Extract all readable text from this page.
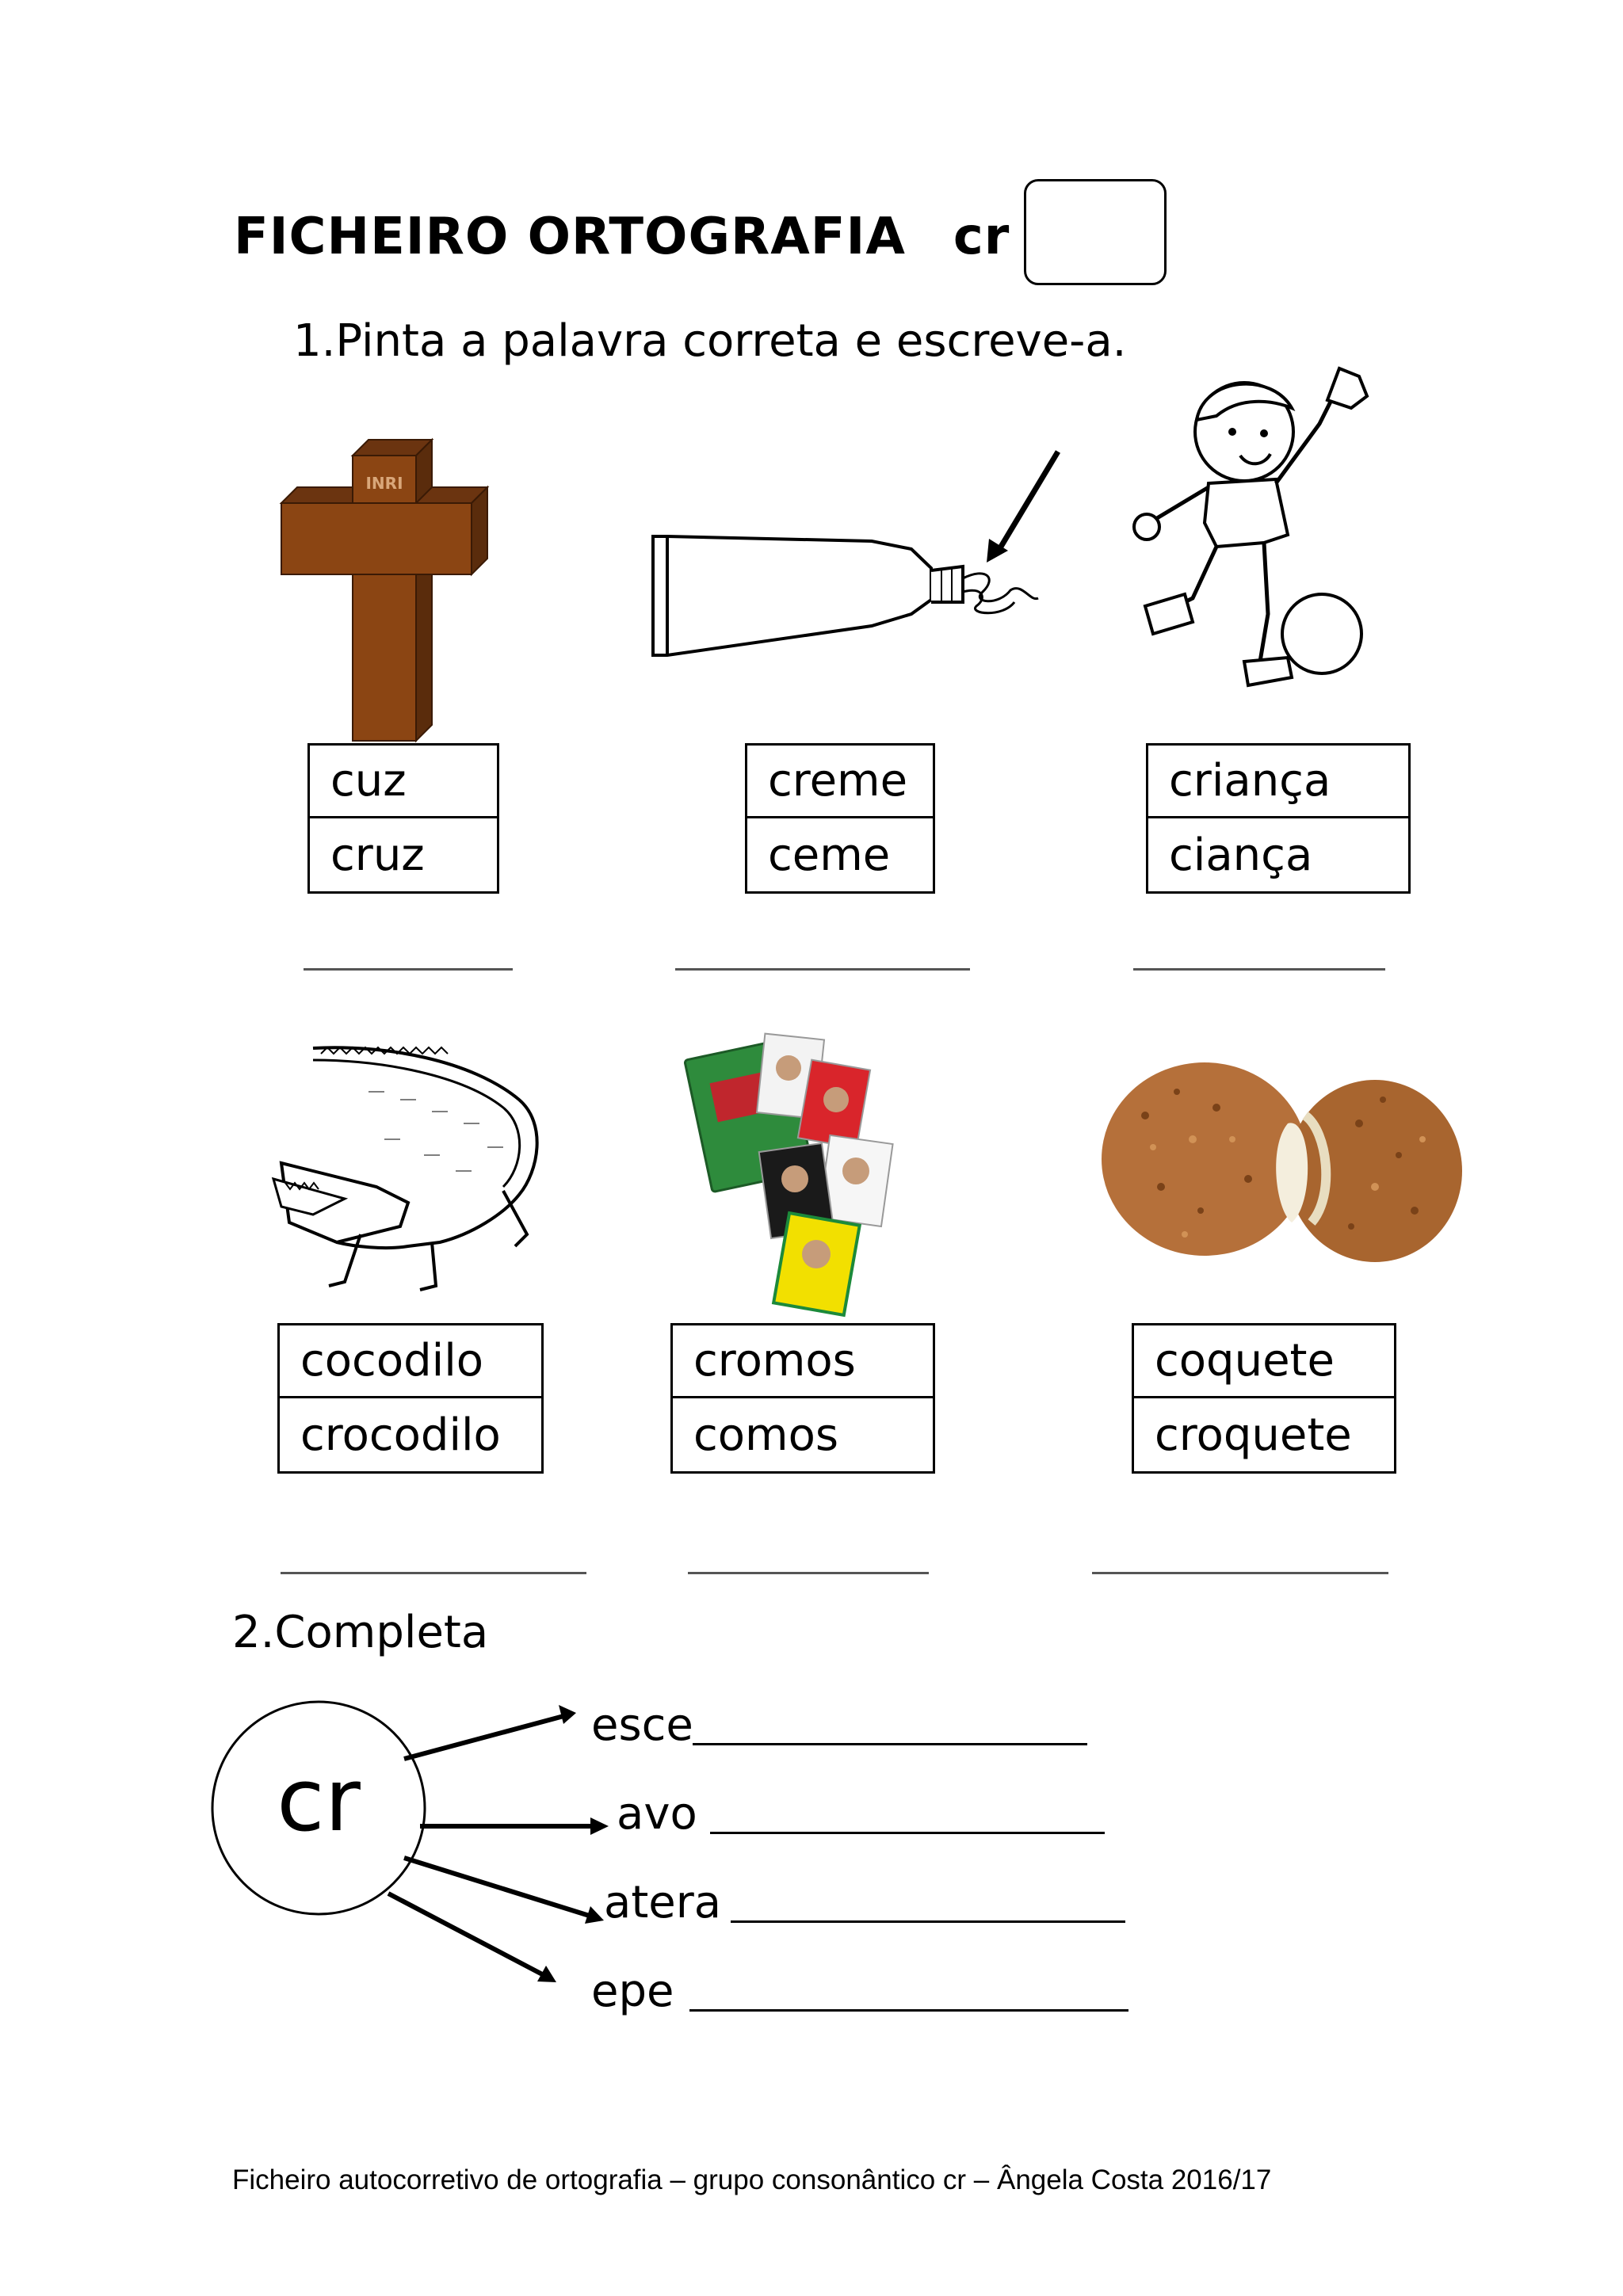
FICHEIRO ORTOGRAFIA cr
1.Pinta a palavra correta e escreve-a.
INRI
cuz
cruz
creme
ceme
criança
ciança
cocodilo
crocodilo
cromos
comos
coquete
croquete
2.Completa
cr
esce
avo
atera
epe
Ficheiro autocorretivo de ortografia – grupo consonântico cr – Ângela Costa 2016/17
